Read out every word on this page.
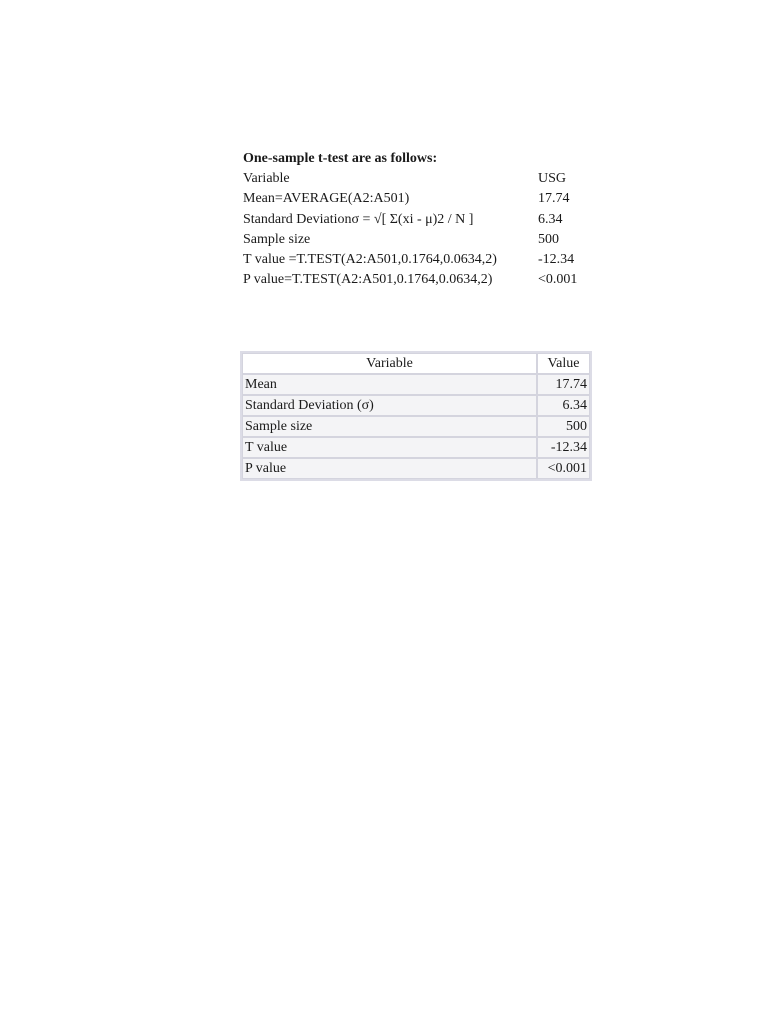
One-sample t-test are as follows:
Variable	USG
Mean=AVERAGE(A2:A501)	17.74
Standard Deviationσ = √[ Σ(xi - μ)2 / N ]	6.34
Sample size	500
T value =T.TEST(A2:A501,0.1764,0.0634,2)	-12.34
P value=T.TEST(A2:A501,0.1764,0.0634,2)	<0.001
Variable	Value
Mean	17.74
Standard Deviation (σ)	6.34
Sample size	500
T value	-12.34
P value	<0.001
